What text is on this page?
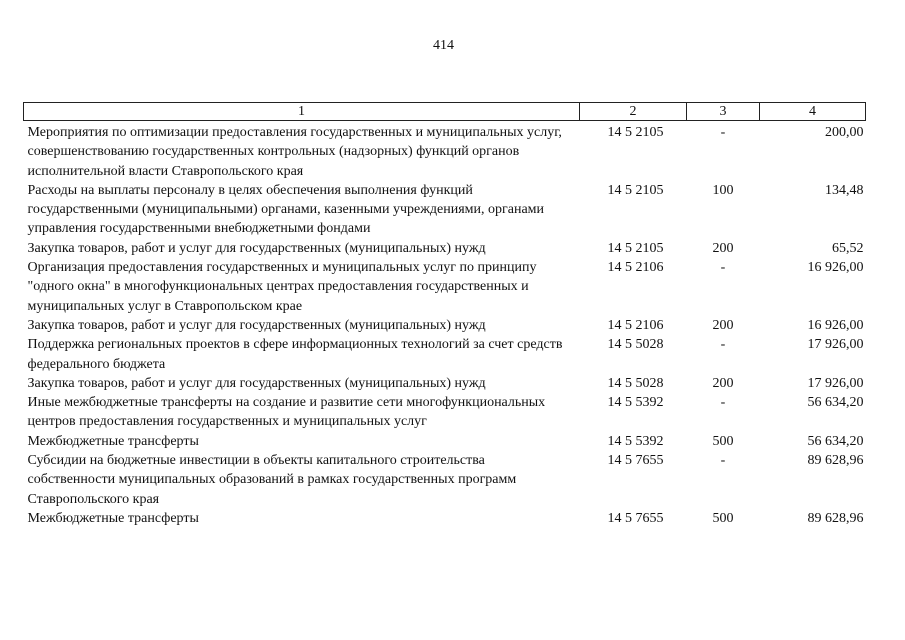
414
1	2	3	4
Мероприятия по оптимизации предоставления государственных и муниципальных услуг, совершенствованию государственных контрольных (надзорных) функций органов исполнительной власти Ставропольского края	14 5 2105	-	200,00
Расходы на выплаты персоналу в целях обеспечения выполнения функций государственными (муниципальными) органами, казенными учреждениями, органами управления государственными внебюджетными фондами	14 5 2105	100	134,48
Закупка товаров, работ и услуг для государственных (муниципальных) нужд	14 5 2105	200	65,52
Организация предоставления государственных и муниципальных услуг по принципу "одного окна" в многофункциональных центрах предоставления государственных и муниципальных услуг в Ставропольском крае	14 5 2106	-	16 926,00
Закупка товаров, работ и услуг для государственных (муниципальных) нужд	14 5 2106	200	16 926,00
Поддержка региональных проектов в сфере информационных технологий за счет средств федерального бюджета	14 5 5028	-	17 926,00
Закупка товаров, работ и услуг для государственных (муниципальных) нужд	14 5 5028	200	17 926,00
Иные межбюджетные трансферты на создание и развитие сети многофункциональных центров предоставления государственных и муниципальных услуг	14 5 5392	-	56 634,20
Межбюджетные трансферты	14 5 5392	500	56 634,20
Субсидии на бюджетные инвестиции в объекты капитального строительства собственности муниципальных образований в рамках государственных программ Ставропольского края	14 5 7655	-	89 628,96
Межбюджетные трансферты	14 5 7655	500	89 628,96
